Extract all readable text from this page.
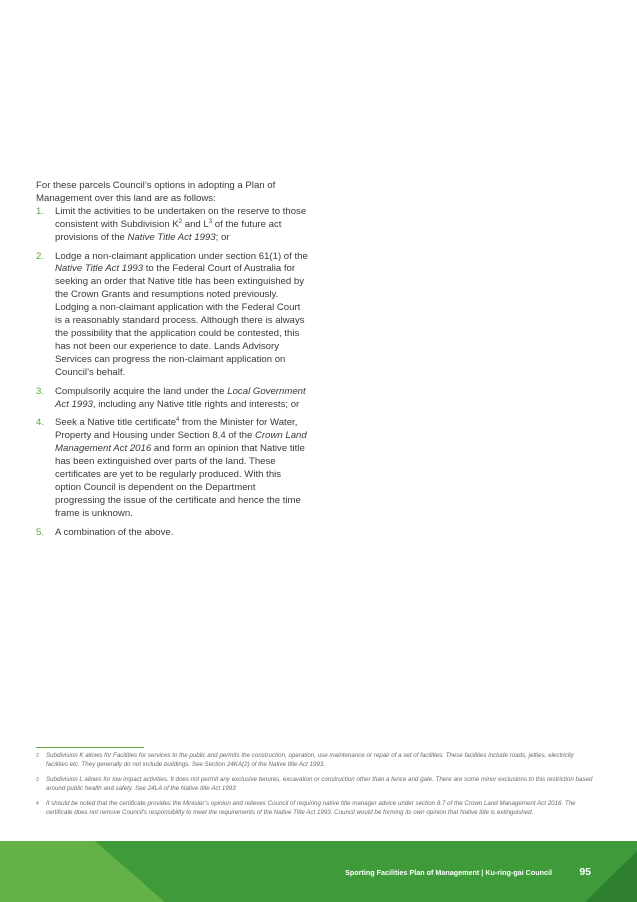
For these parcels Council’s options in adopting a Plan of Management over this land are as follows:

1.	Limit the activities to be undertaken on the reserve to those consistent with Subdivision $K^2$ and $L^3$ of the future act provisions of the Native Title Act 1993; or

2.	Lodge a non-claimant application under section 61(1) of the Native Title Act 1993 to the Federal Court of Australia for seeking an order that Native title has been extinguished by the Crown Grants and resumptions noted previously.

Lodging a non-claimant application with the Federal Court is a reasonably standard process. Although there is always the possibility that the application could be contested, this has not been our experience to date. Lands Advisory Services can progress the non-claimant application on Council’s behalf.

3.	Compulsorily acquire the land under the Local Government Act 1993, including any Native title rights and interests; or

4.	Seek a Native title certificate$^4$ from the Minister for Water, Property and Housing under Section 8.4 of the Crown Land Management Act 2016 and form an opinion that Native title has been extinguished over parts of the land. These certificates are yet to be regularly produced. With this option Council is dependent on the Department progressing the issue of the certificate and hence the time frame is unknown.

5.	A combination of the above.

2	Subdivision K allows for Facilities for services to the public and permits the construction, operation, use maintenance or repair of a set of facilities. These facilities include roads, jetties, electricity facilities etc. They generally do not include buildings. See Section 24KA(2) of the Native title Act 1993.
3	Subdivision L allows for low impact activities. It does not permit any exclusive tenures, excavation or construction other than a fence and gate. There are some minor exclusions to this restriction based around public health and safety. See 24LA of the Native title Act 1993
4	It should be noted that the certificate provides the Minister’s opinion and relieves Council of requiring native title manager advice under section 8.7 of the Crown Land Management Act 2016. The certificate does not remove Council’s responsibility to meet the requirements of the Native Title Act 1993. Council would be forming its own opinion that Native title is extinguished.
Sporting Facilities Plan of Management | Ku-ring-gai Council	95
